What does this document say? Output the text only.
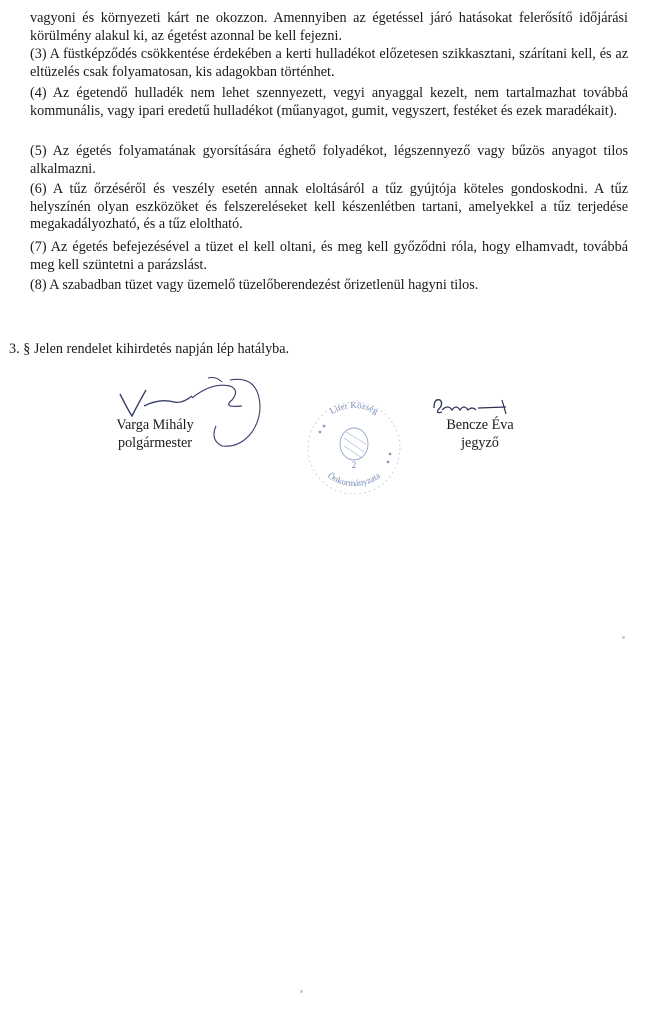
vagyoni és környezeti kárt ne okozzon. Amennyiben az égetéssel járó hatásokat felerősítő időjárási körülmény alakul ki, az égetést azonnal be kell fejezni.

(3) A füstképződés csökkentése érdekében a kerti hulladékot előzetesen szikkasztani, szárítani kell, és az eltüzelés csak folyamatosan, kis adagokban történhet.

(4) Az égetendő hulladék nem lehet szennyezett, vegyi anyaggal kezelt, nem tartalmazhat továbbá kommunális, vagy ipari eredetű hulladékot (műanyagot, gumit, vegyszert, festéket és ezek maradékait).

(5) Az égetés folyamatának gyorsítására éghető folyadékot, légszennyező vagy bűzös anyagot tilos alkalmazni.

(6) A tűz őrzéséről és veszély esetén annak eloltásáról a tűz gyújtója köteles gondoskodni. A tűz helyszínén olyan eszközöket és felszereléseket kell készenlétben tartani, amelyekkel a tűz terjedése megakadályozható, és a tűz eloltható.

(7) Az égetés befejezésével a tüzet el kell oltani, és meg kell győződni róla, hogy elhamvadt, továbbá meg kell szüntetni a parázslást.

(8) A szabadban tüzet vagy üzemelő tüzelőberendezést őrizetlenül hagyni tilos.

3. § Jelen rendelet kihirdetés napján lép hatályba.

Varga Mihály
polgármester
Liter Község
Önkormányzata
2
Bencze Éva
jegyző
